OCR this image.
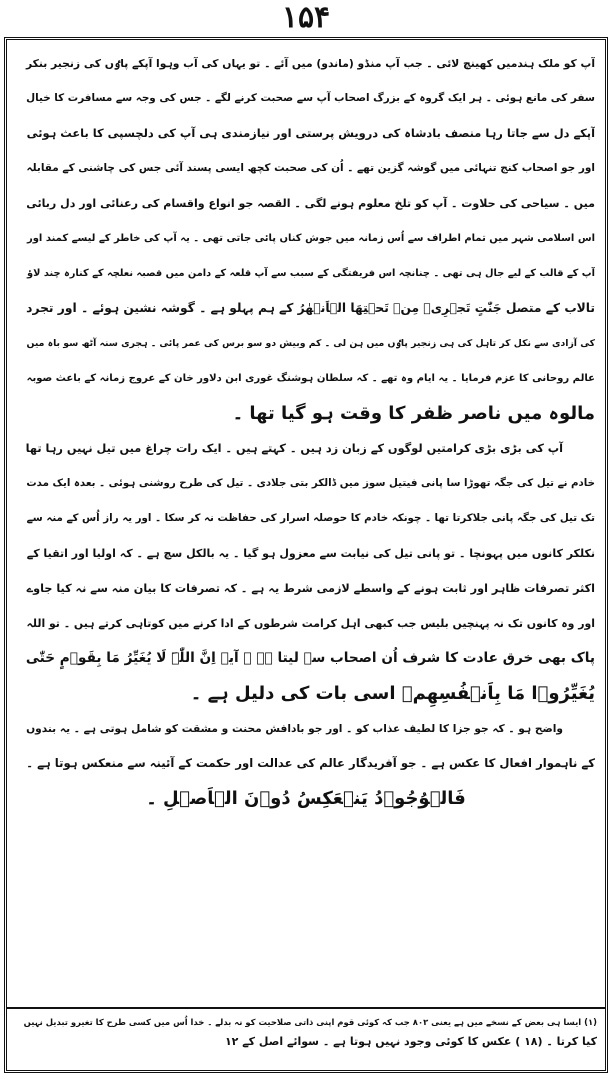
۱۵۴
آپ کو ملک ہندمیں کھینچ لائی ۔ جب آپ منڈو (ماندو) میں آئے ۔ تو یہاں کی آب وہوا آپکے پاٶں کی زنجیر بنکر
سفر کی مانع ہوئی ۔ ہر ایک گروہ کے بزرگ اصحاب آپ سے صحبت کرنے لگے ۔ جس کی وجہ سے مسافرت کا خیال
آپکے دل سے جاتا رہا منصف بادشاہ کی درویش پرستی اور نیازمندی ہی آپ کی دلچسپی کا باعث ہوئی
اور جو اصحاب کنج تنہائی میں گوشہ گزین تھے ۔ اُن کی صحبت کچھ ایسی پسند آئی جس کی چاشنی کے مقابلہ
میں ۔ سیاحی کی حلاوت ۔ آپ کو تلخ معلوم ہونے لگی ۔ القصہ جو انواع واقسام کی رعنائی اور دل ربائی
اس اسلامی شہر میں تمام اطراف سے اُس زمانہ میں جوش کناں پائی جاتی تھی ۔ یہ آپ کی خاطر کے لیسے کمند اور
آپ کے قالب کے لیے جال ہی تھی ۔ چنانچہ اس فریفتگی کے سبب سے آپ قلعہ کے دامن میں قصبہ نعلچہ کے کنارہ چند لاؤ
تالاب کے متصل جَنّٰتٍ تَجۡرِیۡ مِنۡ تَحۡتِهَا الۡاَنۡهٰرُ کے ہم پہلو ہے ۔ گوشہ نشین ہوئے ۔ اور تجرد
کی آزادی سے نکل کر تاہل کی ہی زنجیر پاٶں میں ہن لی ۔ کم وبیش دو سو برس کی عمر پائی ۔ ہجری سنہ آٹھ سو باہ میں
عالم روحانی کا عزم فرمایا ۔ یہ ایام وہ تھے ۔ کہ سلطان ہوشنگ غوری ابن دلاور خان کے عروج زمانہ کے باعث صوبہ
مالوہ میں ناصر ظفر کا وقت ہو گیا تھا ۔
آپ کی بڑی بڑی کرامتیں لوگوں کے زبان زد ہیں ۔ کہتے ہیں ۔ ایک رات چراغ میں تیل نہیں رہا تھا
خادم نے تیل کی جگہ تھوڑا سا پانی فیتیل سوز میں ڈالکر بتی جلادی ۔ تیل کی طرح روشنی ہوئی ۔ بعدہ ایک مدت
تک تیل کی جگہ پانی جلاکرتا تھا ۔ چونکہ خادم کا حوصلہ اسرار کی حفاظت نہ کر سکا ۔ اور یہ راز اُس کے منہ سے
نکلکر کانوں میں پہونچا ۔ تو پانی تیل کی نیابت سے معزول ہو گیا ۔ یہ بالکل سچ ہے ۔ کہ اولیا اور اتقیا کے
اکثر تصرفات ظاہر اور ثابت ہونے کے واسطے لازمی شرط یہ ہے ۔ کہ تصرفات کا بیان منہ سے نہ کیا جاوے
اور وہ کانوں تک نہ پہنچیں بلیس جب کبھی اہل کرامت شرطوں کے ادا کرنے میں کوتاہی کرتے ہیں ۔ تو اللہ
پاک بھی خرق عادت کا شرف اُن اصحاب سے لیتا ہے ۔ آیہ اِنَّ اللّٰہَ لَا یُغَیِّرُ مَا بِقَوۡمٍ حَتّٰی
یُغَیِّرُوۡا مَا بِاَنۡفُسِهِمۡ اسی بات کی دلیل ہے ۔
واضح ہو ۔ کہ جو جزا کا لطیف عذاب کو ۔ اور جو بادافش محنت و مشقت کو شامل ہوتی ہے ۔ یہ بندوں
کے ناہموار افعال کا عکس ہے ۔ جو آفریدگار عالم کی عدالت اور حکمت کے آئینہ سے منعکس ہوتا ہے ۔
فَالۡوُجُوۡدُ یَنۡعَکِسُ دُوۡنَ الۡاَصۡلِ ۔
(۱) ایسا ہی بعض کے نسخے میں ہے یعنی ۸۰۲ جب کہ کوئی قوم اپنی ذاتی صلاحیت کو نہ بدلے ۔ خدا اُس میں کسی طرح کا تغیرو تبدیل نہیں
کیا کرتا ۔ (۱۸ ) عکس کا کوئی وجود نہیں ہوتا ہے ۔ سوائے اصل کے ۱۲
